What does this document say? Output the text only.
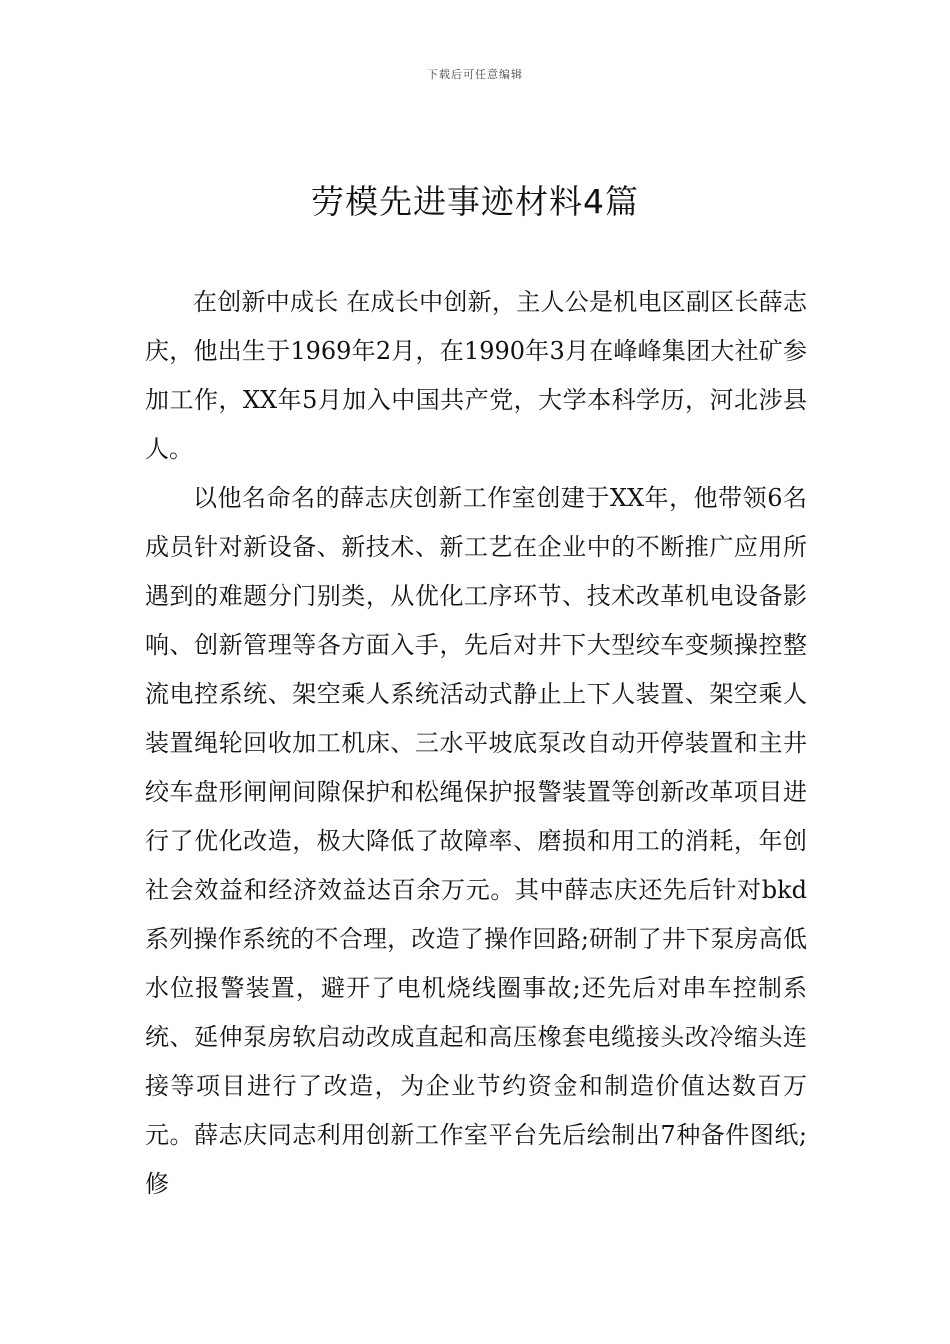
下载后可任意编辑
劳模先进事迹材料4篇

在创新中成长 在成长中创新，主人公是机电区副区长薛志庆，他出生于1969年2月，在1990年3月在峰峰集团大社矿参加工作，XX年5月加入中国共产党，大学本科学历，河北涉县人。

以他名命名的薛志庆创新工作室创建于XX年，他带领6名成员针对新设备、新技术、新工艺在企业中的不断推广应用所遇到的难题分门别类，从优化工序环节、技术改革机电设备影响、创新管理等各方面入手，先后对井下大型绞车变频操控整流电控系统、架空乘人系统活动式静止上下人装置、架空乘人装置绳轮回收加工机床、三水平坡底泵改自动开停装置和主井绞车盘形闸闸间隙保护和松绳保护报警装置等创新改革项目进行了优化改造，极大降低了故障率、磨损和用工的消耗，年创社会效益和经济效益达百余万元。其中薛志庆还先后针对bkd系列操作系统的不合理，改造了操作回路;研制了井下泵房高低水位报警装置，避开了电机烧线圈事故;还先后对串车控制系统、延伸泵房软启动改成直起和高压橡套电缆接头改冷缩头连接等项目进行了改造，为企业节约资金和制造价值达数百万元。薛志庆同志利用创新工作室平台先后绘制出7种备件图纸;修
